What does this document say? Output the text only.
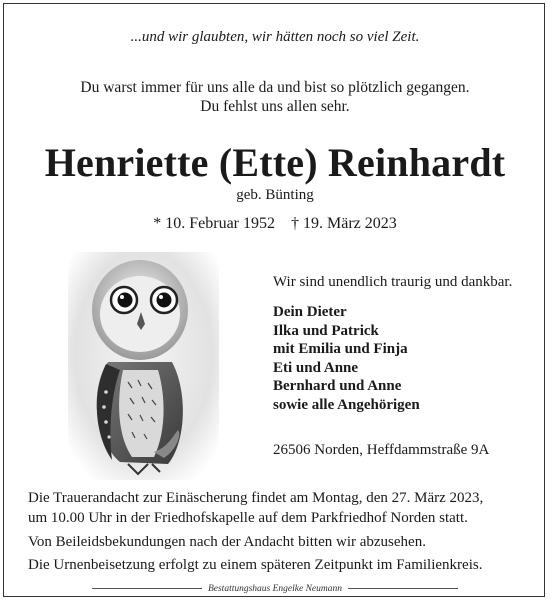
...und wir glaubten, wir hätten noch so viel Zeit.
Du warst immer für uns alle da und bist so plötzlich gegangen.
Du fehlst uns allen sehr.
Henriette (Ette) Reinhardt
geb. Bünting
* 10. Februar 1952 † 19. März 2023
Wir sind unendlich traurig und dankbar.
Dein Dieter
Ilka und Patrick
mit Emilia und Finja
Eti und Anne
Bernhard und Anne
sowie alle Angehörigen
26506 Norden, Heffdammstraße 9A
Die Trauerandacht zur Einäscherung findet am Montag, den 27. März 2023,
um 10.00 Uhr in der Friedhofskapelle auf dem Parkfriedhof Norden statt.
Von Beileidsbekundungen nach der Andacht bitten wir abzusehen.
Die Urnenbeisetzung erfolgt zu einem späteren Zeitpunkt im Familienkreis.
Bestattungshaus Engelke Neumann
